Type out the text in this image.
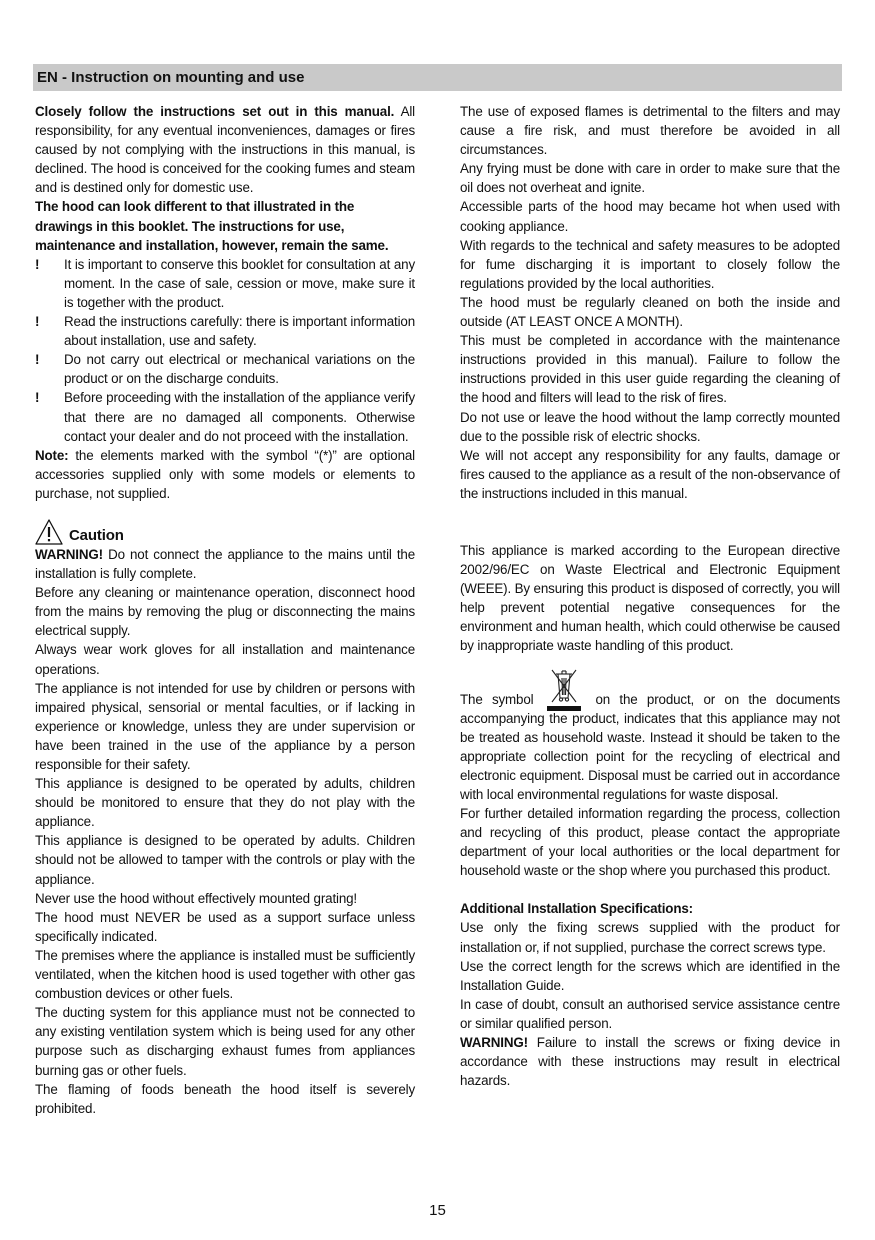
EN - Instruction on mounting and use

Closely follow the instructions set out in this manual. All responsibility, for any eventual inconveniences, damages or fires caused by not complying with the instructions in this manual, is declined. The hood is conceived for the cooking fumes and steam and is destined only for domestic use.

The hood can look different to that illustrated in the drawings in this booklet. The instructions for use, maintenance and installation, however, remain the same.

! It is important to conserve this booklet for consultation at any moment. In the case of sale, cession or move, make sure it is together with the product.

! Read the instructions carefully: there is important information about installation, use and safety.

! Do not carry out electrical or mechanical variations on the product or on the discharge conduits.

! Before proceeding with the installation of the appliance verify that there are no damaged all components. Otherwise contact your dealer and do not proceed with the installation.

Note: the elements marked with the symbol “(*)” are optional accessories supplied only with some models or elements to purchase, not supplied.

Caution

WARNING! Do not connect the appliance to the mains until the installation is fully complete.

Before any cleaning or maintenance operation, disconnect hood from the mains by removing the plug or disconnecting the mains electrical supply.

Always wear work gloves for all installation and maintenance operations.

The appliance is not intended for use by children or persons with impaired physical, sensorial or mental faculties, or if lacking in experience or knowledge, unless they are under supervision or have been trained in the use of the appliance by a person responsible for their safety.

This appliance is designed to be operated by adults, children should be monitored to ensure that they do not play with the appliance.

This appliance is designed to be operated by adults. Children should not be allowed to tamper with the controls or play with the appliance.

Never use the hood without effectively mounted grating!

The hood must NEVER be used as a support surface unless specifically indicated.

The premises where the appliance is installed must be sufficiently ventilated, when the kitchen hood is used together with other gas combustion devices or other fuels.

The ducting system for this appliance must not be connected to any existing ventilation system which is being used for any other purpose such as discharging exhaust fumes from appliances burning gas or other fuels.

The flaming of foods beneath the hood itself is severely prohibited.

The use of exposed flames is detrimental to the filters and may cause a fire risk, and must therefore be avoided in all circumstances.

Any frying must be done with care in order to make sure that the oil does not overheat and ignite.

Accessible parts of the hood may became hot when used with cooking appliance.

With regards to the technical and safety measures to be adopted for fume discharging it is important to closely follow the regulations provided by the local authorities.

The hood must be regularly cleaned on both the inside and outside (AT LEAST ONCE A MONTH).

This must be completed in accordance with the maintenance instructions provided in this manual). Failure to follow the instructions provided in this user guide regarding the cleaning of the hood and filters will lead to the risk of fires.

Do not use or leave the hood without the lamp correctly mounted due to the possible risk of electric shocks.

We will not accept any responsibility for any faults, damage or fires caused to the appliance as a result of the non-observance of the instructions included in this manual.

This appliance is marked according to the European directive 2002/96/EC on Waste Electrical and Electronic Equipment (WEEE). By ensuring this product is disposed of correctly, you will help prevent potential negative consequences for the environment and human health, which could otherwise be caused by inappropriate waste handling of this product.

The symbol	on the product, or on the documents accompanying the product, indicates that this appliance may not be treated as household waste. Instead it should be taken to the appropriate collection point for the recycling of electrical and electronic equipment. Disposal must be carried out in accordance with local environmental regulations for waste disposal.

For further detailed information regarding the process, collection and recycling of this product, please contact the appropriate department of your local authorities or the local department for household waste or the shop where you purchased this product.

Additional Installation Specifications:

Use only the fixing screws supplied with the product for installation or, if not supplied, purchase the correct screws type.

Use the correct length for the screws which are identified in the Installation Guide.

In case of doubt, consult an authorised service assistance centre or similar qualified person.

WARNING! Failure to install the screws or fixing device in accordance with these instructions may result in electrical hazards.

15
